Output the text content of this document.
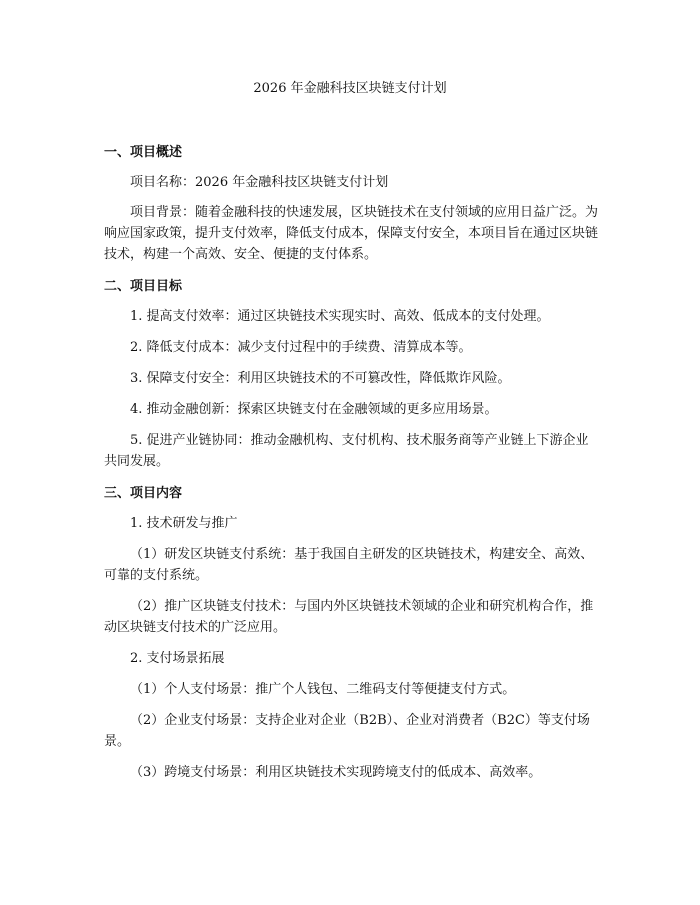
2026 年金融科技区块链支付计划
一、项目概述

项目名称：2026 年金融科技区块链支付计划

项目背景：随着金融科技的快速发展，区块链技术在支付领域的应用日益广泛。为响应国家政策，提升支付效率，降低支付成本，保障支付安全，本项目旨在通过区块链技术，构建一个高效、安全、便捷的支付体系。

二、项目目标

1. 提高支付效率：通过区块链技术实现实时、高效、低成本的支付处理。

2. 降低支付成本：减少支付过程中的手续费、清算成本等。

3. 保障支付安全：利用区块链技术的不可篡改性，降低欺诈风险。

4. 推动金融创新：探索区块链支付在金融领域的更多应用场景。

5. 促进产业链协同：推动金融机构、支付机构、技术服务商等产业链上下游企业共同发展。

三、项目内容

1. 技术研发与推广

（1）研发区块链支付系统：基于我国自主研发的区块链技术，构建安全、高效、可靠的支付系统。

（2）推广区块链支付技术：与国内外区块链技术领域的企业和研究机构合作，推动区块链支付技术的广泛应用。

2. 支付场景拓展

（1）个人支付场景：推广个人钱包、二维码支付等便捷支付方式。

（2）企业支付场景：支持企业对企业（B2B）、企业对消费者（B2C）等支付场景。

（3）跨境支付场景：利用区块链技术实现跨境支付的低成本、高效率。
